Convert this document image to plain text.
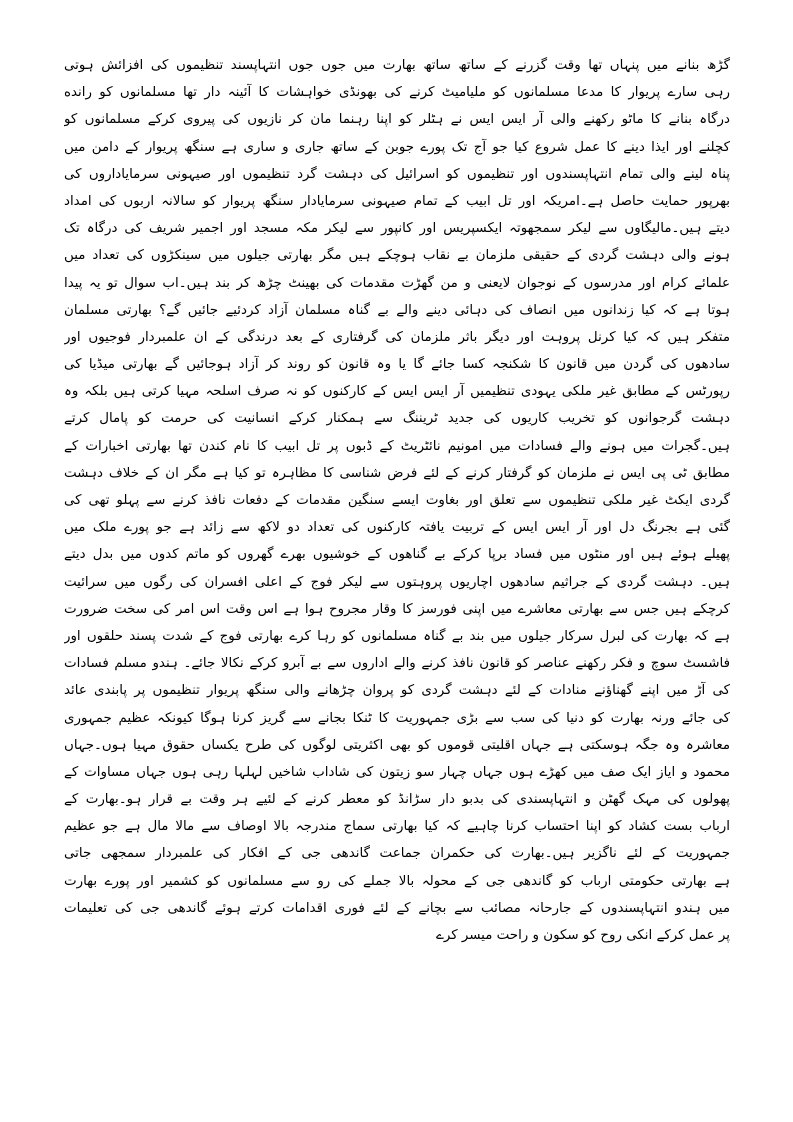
گڑھ بنانے میں پنہاں تھا وقت گزرنے کے ساتھ ساتھ بھارت میں جوں جوں انتہاپسند تنظیموں کی افزائش ہوتی
رہی سارے پریوار کا مدعا مسلمانوں کو ملیامیٹ کرنے کی بھونڈی خواہشات کا آئینہ دار تھا مسلمانوں کو رانده
درگاہ بنانے کا ماٹو رکھنے والی آر ایس ایس نے ہٹلر کو اپنا رہنما مان کر نازیوں کی پیروی کرکے مسلمانوں کو
کچلنے اور ایذا دینے کا عمل شروع کیا جو آج تک پورے جوبن کے ساتھ جاری و ساری ہے سنگھ پریوار کے دامن میں
پناہ لینے والی تمام انتہاپسندوں اور تنظیموں کو اسرائیل کی دہشت گرد تنظیموں اور صیہونی سرمایاداروں کی
بھرپور حمایت حاصل ہے۔امریکہ اور تل ابیب کے تمام صیہونی سرمایادار سنگھ پریوار کو سالانہ اربوں کی امداد
دیتے ہیں۔مالیگاوں سے لیکر سمجھوتہ ایکسپریس اور کانپور سے لیکر مکہ مسجد اور اجمیر شریف کی درگاہ تک
ہونے والی دہشت گردی کے حقیقی ملزمان بے نقاب ہوچکے ہیں مگر بھارتی جیلوں میں سینکڑوں کی تعداد میں
علمائے کرام اور مدرسوں کے نوجوان لایعنی و من گھڑت مقدمات کی بھینٹ چڑھ کر بند ہیں۔اب سوال تو یہ پیدا
ہوتا ہے کہ کیا زندانوں میں انصاف کی دہائی دینے والے بے گناہ مسلمان آزاد کردئیے جائیں گے؟ بھارتی مسلمان
متفکر ہیں کہ کیا کرنل پروہت اور دیگر باثر ملزمان کی گرفتاری کے بعد درندگی کے ان علمبردار فوجیوں اور
سادھوں کی گردن میں قانون کا شکنجہ کسا جائے گا یا وہ قانون کو روند کر آزاد ہوجائیں گے بھارتی میڈیا کی
رپورٹس کے مطابق غیر ملکی یہودی تنظیمیں آر ایس ایس کے کارکنوں کو نہ صرف اسلحہ مہیا کرتی ہیں بلکہ وہ
دہشت گرجوانوں کو تخریب کاریوں کی جدید ٹریننگ سے ہمکنار کرکے انسانیت کی حرمت کو پامال کرتے
ہیں۔گجرات میں ہونے والے فسادات میں امونیم نائٹریٹ کے ڈبوں پر تل ابیب کا نام کندن تھا بھارتی اخبارات کے
مطابق ٹی پی ایس نے ملزمان کو گرفتار کرنے کے لئے فرض شناسی کا مظاہرہ تو کیا ہے مگر ان کے خلاف دہشت
گردی ایکٹ غیر ملکی تنظیموں سے تعلق اور بغاوت ایسے سنگین مقدمات کے دفعات نافذ کرنے سے پہلو تھی کی
گئی ہے بجرنگ دل اور آر ایس ایس کے تربیت یافتہ کارکنوں کی تعداد دو لاکھ سے زائد ہے جو پورے ملک میں
پھیلے ہوئے ہیں اور منٹوں میں فساد برپا کرکے بے گناھوں کے خوشیوں بھرے گھروں کو ماتم کدوں میں بدل دیتے
ہیں۔ دہشت گردی کے جراثیم سادھوں اچاریوں پروہتوں سے لیکر فوج کے اعلی افسران کی رگوں میں سرائیت
کرچکے ہیں جس سے بھارتی معاشرے میں اپنی فورسز کا وقار مجروح ہوا ہے اس وقت اس امر کی سخت ضرورت
ہے کہ بھارت کی لبرل سرکار جیلوں میں بند بے گناہ مسلمانوں کو رہا کرے بھارتی فوج کے شدت پسند حلقوں اور
فاشسٹ سوچ و فکر رکھنے عناصر کو قانون نافذ کرنے والے اداروں سے بے آبرو کرکے نکالا جائے۔ ہندو مسلم فسادات
کی آڑ میں اپنے گھناؤنے منادات کے لئے دہشت گردی کو پروان چڑھانے والی سنگھ پریوار تنظیموں پر پابندی عائد
کی جائے ورنہ بھارت کو دنیا کی سب سے بڑی جمہوریت کا ٹنکا بجانے سے گریز کرنا ہوگا کیونکہ عظیم جمہوری
معاشرہ وہ جگہ ہوسکتی ہے جہاں اقلیتی قوموں کو بھی اکثریتی لوگوں کی طرح یکساں حقوق مہیا ہوں۔جہاں
محمود و ایاز ایک صف میں کھڑے ہوں جہاں چہار سو زیتون کی شاداب شاخیں لہلہا رہی ہوں جہاں مساوات کے
پھولوں کی مہک گھٹن و انتہاپسندی کی بدبو دار سڑانڈ کو معطر کرنے کے لئیے ہر وقت بے قرار ہو۔بھارت کے
ارباب بست کشاد کو اپنا احتساب کرنا چاہیے کہ کیا بھارتی سماج مندرجہ بالا اوصاف سے مالا مال ہے جو عظیم
جمہوریت کے لئے ناگزیر ہیں۔بھارت کی حکمران جماعت گاندھی جی کے افکار کی علمبردار سمجھی جاتی
ہے بھارتی حکومتی ارباب کو گاندھی جی کے محولہ بالا جملے کی رو سے مسلمانوں کو کشمیر اور پورے بھارت
میں ہندو انتہاپسندوں کے جارحانہ مصائب سے بچانے کے لئے فوری اقدامات کرتے ہوئے گاندھی جی کی تعلیمات
پر عمل کرکے انکی روح کو سکون و راحت میسر کرے
